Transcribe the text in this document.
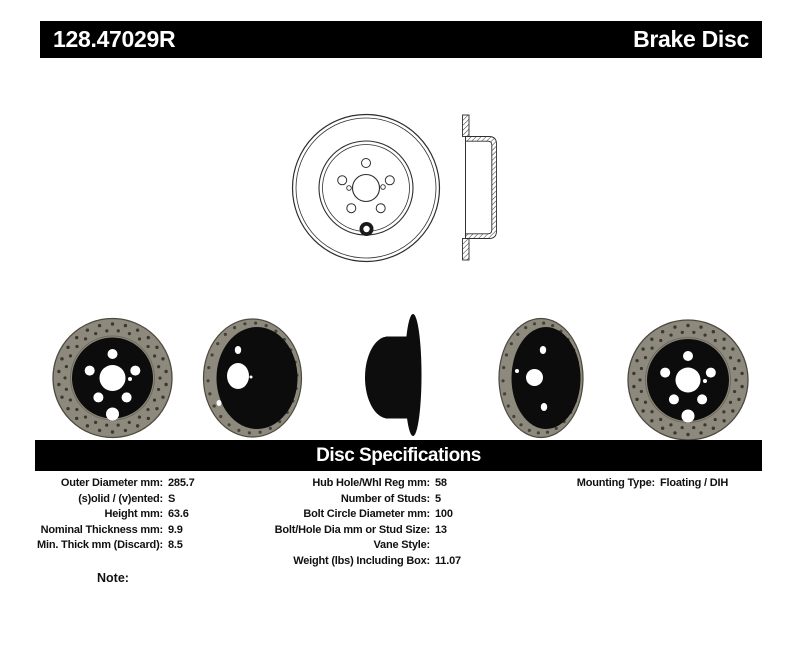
128.47029R	Brake Disc
Disc Specifications
Outer Diameter mm: 285.7
(s)olid / (v)ented: S
Height mm: 63.6
Nominal Thickness mm: 9.9
Min. Thick mm (Discard): 8.5
Hub Hole/Whl Reg mm: 58
Number of Studs: 5
Bolt Circle Diameter mm: 100
Bolt/Hole Dia mm or Stud Size: 13
Vane Style:
Weight (lbs) Including Box: 11.07
Mounting Type: Floating / DIH
Note:
